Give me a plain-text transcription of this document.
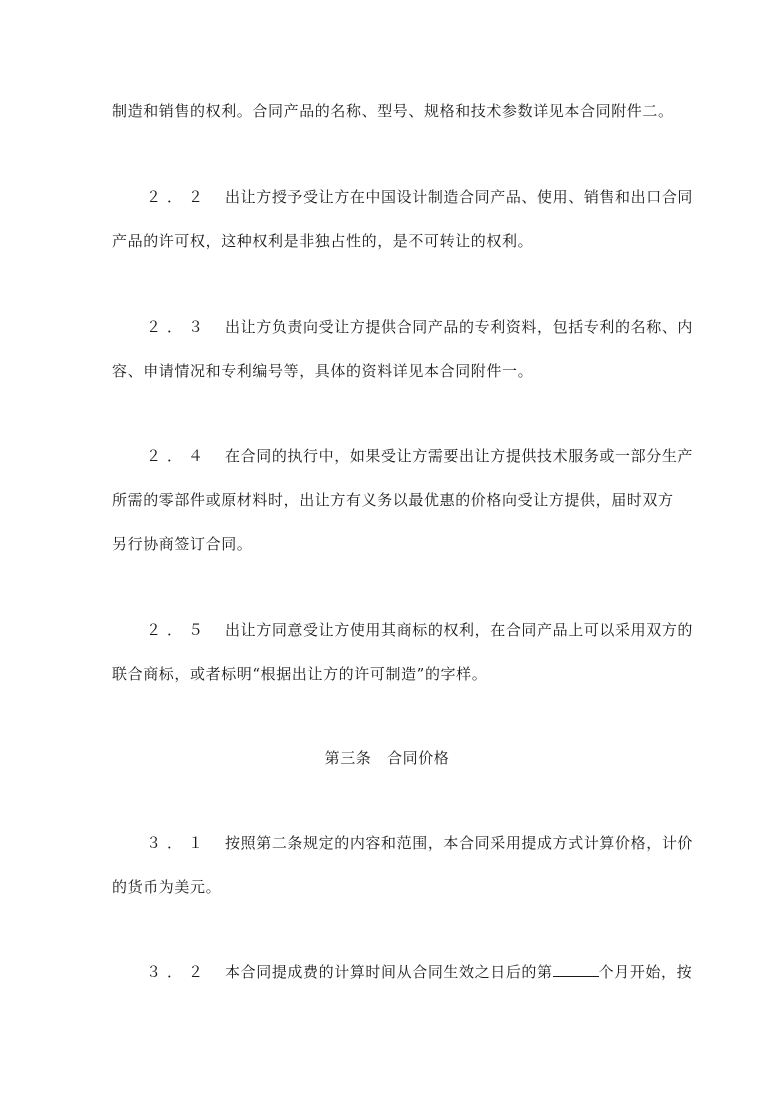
制造和销售的权利。合同产品的名称、型号、规格和技术参数详见本合同附件二。
２．２ 出让方授予受让方在中国设计制造合同产品、使用、销售和出口合同
产品的许可权，这种权利是非独占性的，是不可转让的权利。
２．３ 出让方负责向受让方提供合同产品的专利资料，包括专利的名称、内
容、申请情况和专利编号等，具体的资料详见本合同附件一。
２．４ 在合同的执行中，如果受让方需要出让方提供技术服务或一部分生产
所需的零部件或原材料时，出让方有义务以最优惠的价格向受让方提供，届时双方
另行协商签订合同。
２．５ 出让方同意受让方使用其商标的权利，在合同产品上可以采用双方的
联合商标，或者标明“根据出让方的许可制造”的字样。
第三条　合同价格
３．１ 按照第二条规定的内容和范围，本合同采用提成方式计算价格，计价
的货币为美元。
３．２ 本合同提成费的计算时间从合同生效之日后的第	个月开始，按
